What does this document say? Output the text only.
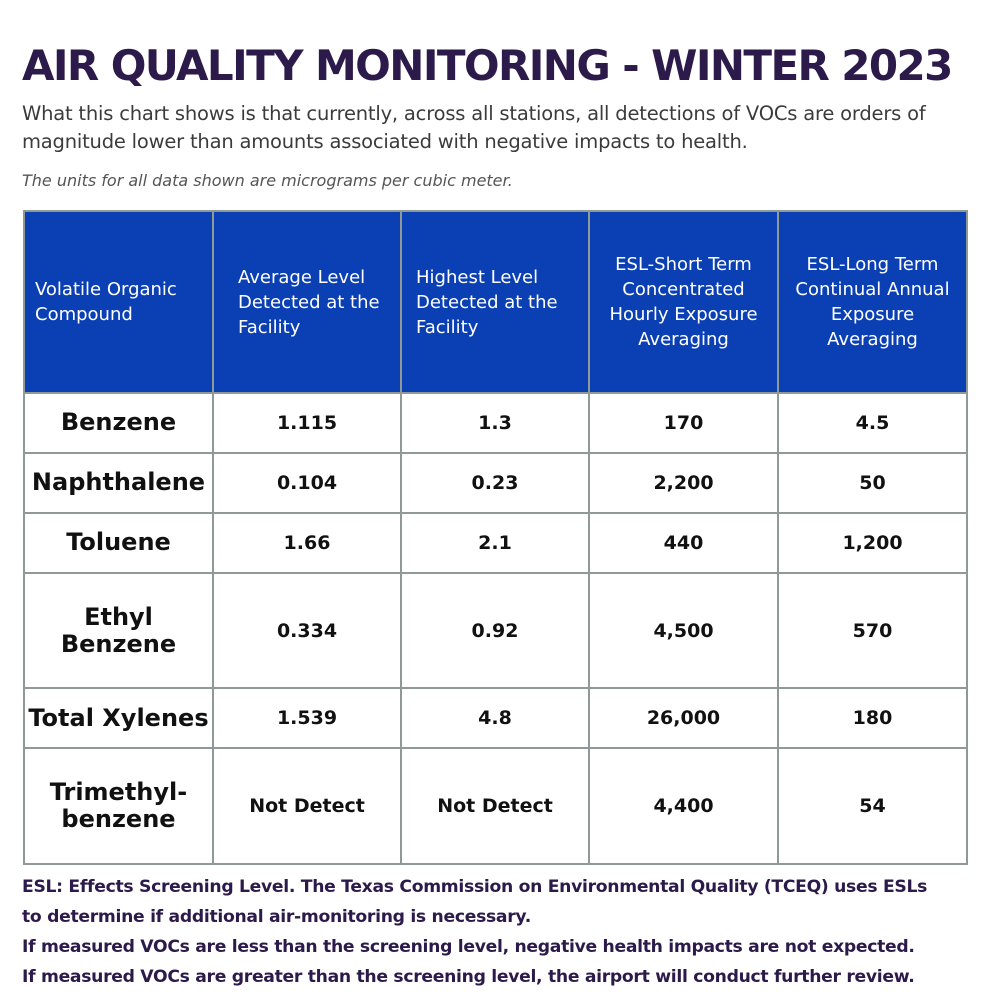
AIR QUALITY MONITORING - WINTER 2023

What this chart shows is that currently, across all stations, all detections of VOCs are orders of magnitude lower than amounts associated with negative impacts to health.

The units for all data shown are micrograms per cubic meter.

Volatile Organic Compound	Average Level Detected at the Facility	Highest Level Detected at the Facility	ESL-Short Term Concentrated Hourly Exposure Averaging	ESL-Long Term Continual Annual Exposure Averaging
Benzene	1.115	1.3	170	4.5
Naphthalene	0.104	0.23	2,200	50
Toluene	1.66	2.1	440	1,200
Ethyl Benzene	0.334	0.92	4,500	570
Total Xylenes	1.539	4.8	26,000	180
Trimethyl-benzene	Not Detect	Not Detect	4,400	54
ESL: Effects Screening Level. The Texas Commission on Environmental Quality (TCEQ) uses ESLs
to determine if additional air-monitoring is necessary.
If measured VOCs are less than the screening level, negative health impacts are not expected.
If measured VOCs are greater than the screening level, the airport will conduct further review.
